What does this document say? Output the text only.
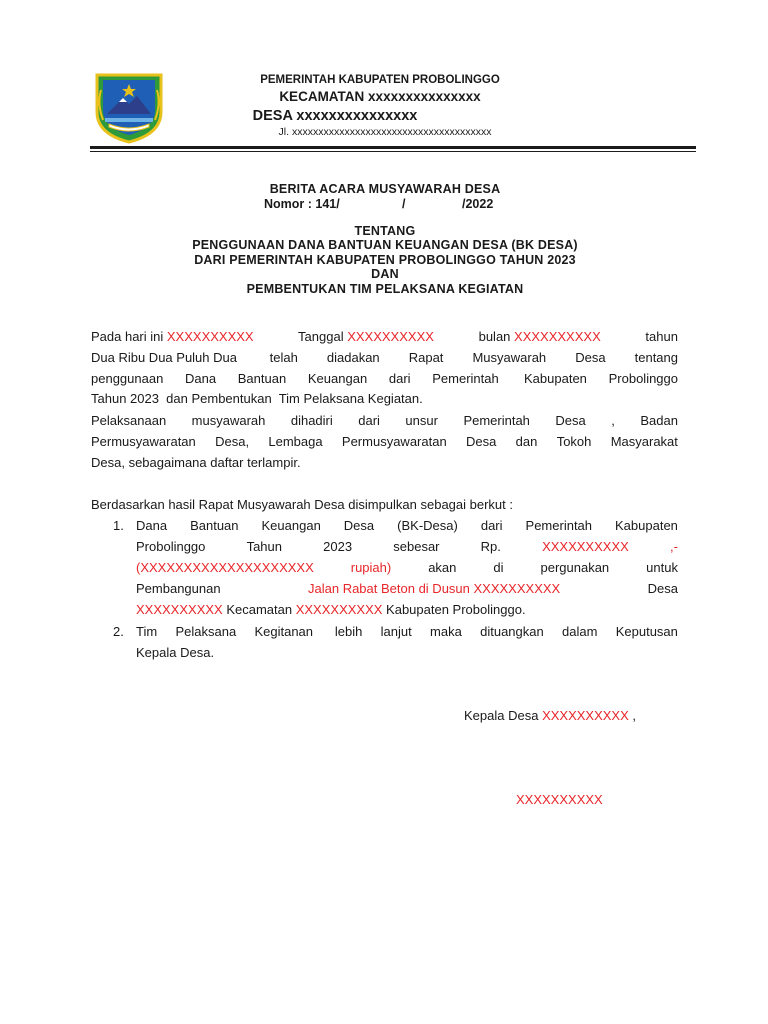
PEMERINTAH KABUPATEN PROBOLINGGO
KECAMATAN xxxxxxxxxxxxxxx
DESA xxxxxxxxxxxxxxx
Jl. xxxxxxxxxxxxxxxxxxxxxxxxxxxxxxxxxxxxxx
BERITA ACARA MUSYAWARAH DESA
Nomor : 141/	/	/2022
TENTANG
PENGGUNAAN DANA BANTUAN KEUANGAN DESA (BK DESA)
DARI PEMERINTAH KABUPATEN PROBOLINGGO TAHUN 2023
DAN
PEMBENTUKAN TIM PELAKSANA KEGIATAN
Pada hari ini XXXXXXXXXX	Tanggal XXXXXXXXXX	bulan XXXXXXXXXX	tahun
Dua Ribu Dua Puluh Dua telah diadakan Rapat Musyawarah Desa tentang
penggunaan Dana Bantuan Keuangan dari Pemerintah Kabupaten Probolinggo
Tahun 2023  dan Pembentukan  Tim Pelaksana Kegiatan.
Pelaksanaan musyawarah dihadiri dari unsur Pemerintah Desa , Badan
Permusyawaratan Desa, Lembaga Permusyawaratan Desa dan Tokoh Masyarakat
Desa, sebagaimana daftar terlampir.
Berdasarkan hasil Rapat Musyawarah Desa disimpulkan sebagai berkut :
1. Dana Bantuan Keuangan Desa (BK-Desa) dari Pemerintah Kabupaten
Probolinggo	Tahun	2023	sebesar	Rp.	XXXXXXXXXX	,-
(XXXXXXXXXXXXXXXXXXXX	rupiah)	akan	di	pergunakan	untuk
Pembangunan	Jalan Rabat Beton di Dusun XXXXXXXXXX	Desa
XXXXXXXXXX Kecamatan XXXXXXXXXX Kabupaten Probolinggo.
2. Tim Pelaksana Kegitanan lebih lanjut maka dituangkan dalam Keputusan
Kepala Desa.
Kepala Desa XXXXXXXXXX ,
XXXXXXXXXX
